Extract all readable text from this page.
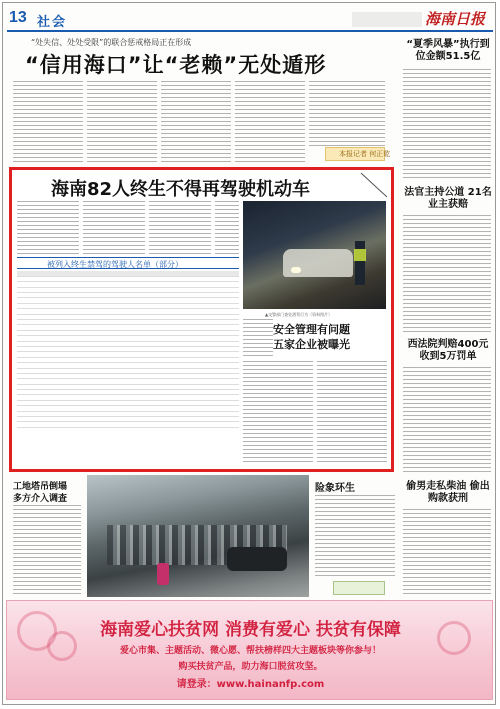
13 社会	海南日报
“处失信、处处受限”的联合惩戒格局正在形成
“信用海口”让“老赖”无处遁形
本报记者 何正乾
“夏季风暴”执行到位金额51.5亿
法官主持公道 21名业主获赔
西法院判赔400元 收到5万罚单
偷男走私柴油 偷出购款获刑
海南82人终生不得再驾驶机动车
被列入终生禁驾的驾驶人名单（部分）

▲交警部门查处酒驾行为（资料图片）
安全管理有问题
五家企业被曝光
工地塔吊倒塌
多方介入调查
险象环生
海南爱心扶贫网 消费有爱心 扶贫有保障
爱心市集、主题活动、微心愿、帮扶榜样四大主题板块等你参与！
购买扶贫产品，助力海口脱贫攻坚。
请登录：www.hainanfp.com
